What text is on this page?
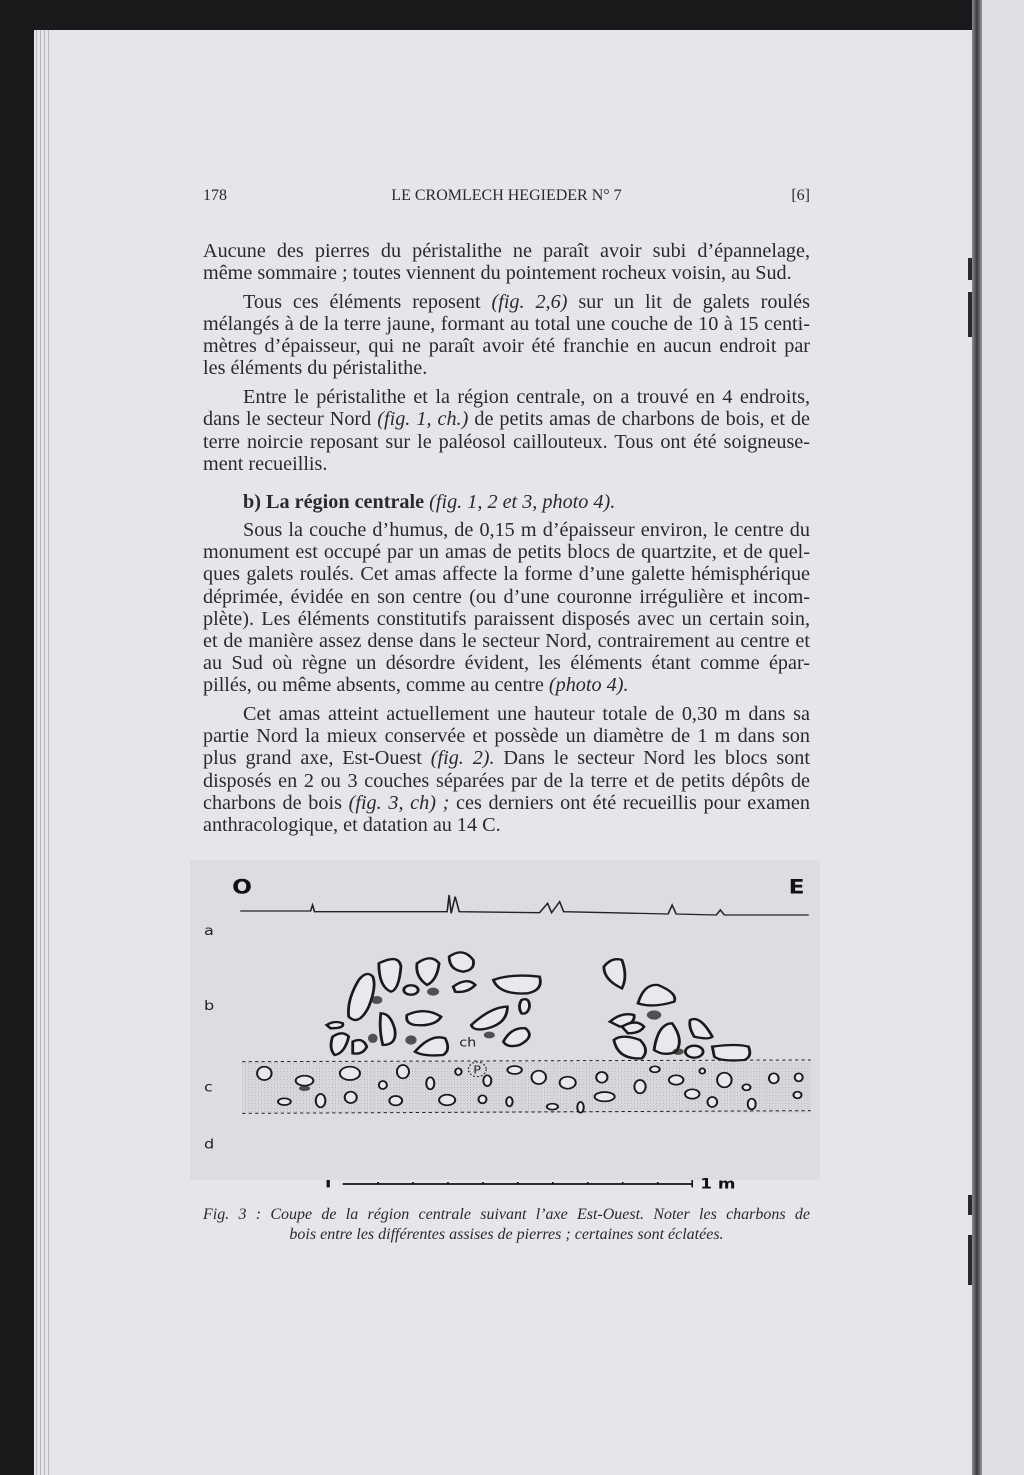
178	LE CROMLECH HEGIEDER N° 7	[6]
Aucune des pierres du péristalithe ne paraît avoir subi d’épannelage,
même sommaire ; toutes viennent du pointement rocheux voisin, au Sud.
Tous ces éléments reposent (fig. 2,6) sur un lit de galets roulés
mélangés à de la terre jaune, formant au total une couche de 10 à 15 centi-
mètres d’épaisseur, qui ne paraît avoir été franchie en aucun endroit par
les éléments du péristalithe.
Entre le péristalithe et la région centrale, on a trouvé en 4 endroits,
dans le secteur Nord (fig. 1, ch.) de petits amas de charbons de bois, et de
terre noircie reposant sur le paléosol caillouteux. Tous ont été soigneuse-
ment recueillis.
b) La région centrale (fig. 1, 2 et 3, photo 4).
Sous la couche d’humus, de 0,15 m d’épaisseur environ, le centre du
monument est occupé par un amas de petits blocs de quartzite, et de quel-
ques galets roulés. Cet amas affecte la forme d’une galette hémisphérique
déprimée, évidée en son centre (ou d’une couronne irrégulière et incom-
plète). Les éléments constitutifs paraissent disposés avec un certain soin,
et de manière assez dense dans le secteur Nord, contrairement au centre et
au Sud où règne un désordre évident, les éléments étant comme épar-
pillés, ou même absents, comme au centre (photo 4).
Cet amas atteint actuellement une hauteur totale de 0,30 m dans sa
partie Nord la mieux conservée et possède un diamètre de 1 m dans son
plus grand axe, Est-Ouest (fig. 2). Dans le secteur Nord les blocs sont
disposés en 2 ou 3 couches séparées par de la terre et de petits dépôts de
charbons de bois (fig. 3, ch) ; ces derniers ont été recueillis pour examen
anthracologique, et datation au 14 C.
O	E
a
b
c
d
ch
P
1 m
Fig. 3 : Coupe de la région centrale suivant l’axe Est-Ouest. Noter les charbons de
bois entre les différentes assises de pierres ; certaines sont éclatées.
